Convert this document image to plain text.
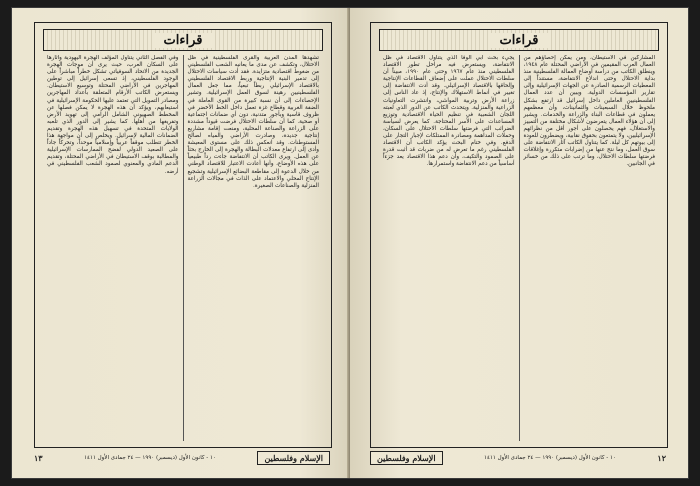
قراءات

تشهدها المدن العربية والقرى الفلسطينية في ظل الاحتلال، وتكشف عن مدى ما يعانيه الشعب الفلسطيني من ضغوط اقتصادية متزايدة. فقد أدت سياسات الاحتلال إلى تدمير البنية الإنتاجية وربط الاقتصاد الفلسطيني بالاقتصاد الإسرائيلي ربطاً تبعياً، مما جعل العمال الفلسطينيين رهينة لسوق العمل الإسرائيلية. وتشير الإحصاءات إلى أن نسبة كبيرة من القوى العاملة في الضفة الغربية وقطاع غزة تعمل داخل الخط الأخضر في ظروف قاسية وبأجور متدنية، دون أي ضمانات اجتماعية أو صحية. كما أن سلطات الاحتلال فرضت قيوداً مشددة على الزراعة والصناعة المحلية، ومنعت إقامة مشاريع إنتاجية جديدة، وصادرت الأراضي والمياه لصالح المستوطنات. وقد انعكس ذلك على مستوى المعيشة وأدى إلى ارتفاع معدلات البطالة والهجرة إلى الخارج بحثاً عن العمل. ويرى الكاتب أن الانتفاضة جاءت رداً طبيعياً على هذه الأوضاع، وأنها أعادت الاعتبار للاقتصاد الوطني من خلال الدعوة إلى مقاطعة البضائع الإسرائيلية وتشجيع الإنتاج المحلي والاعتماد على الذات في مجالات الزراعة المنزلية والصناعات الصغيرة.

وفي الفصل الثاني يتناول المؤلف الهجرة اليهودية وآثارها على السكان العرب، حيث يرى أن موجات الهجرة الجديدة من الاتحاد السوفياتي تشكل خطراً مباشراً على الوجود الفلسطيني، إذ تسعى إسرائيل إلى توطين المهاجرين في الأراضي المحتلة وتوسيع الاستيطان. ويستعرض الكاتب الأرقام المتعلقة بأعداد المهاجرين ومصادر التمويل التي تعتمد عليها الحكومة الإسرائيلية في استيعابهم، ويؤكد أن هذه الهجرة لا يمكن فصلها عن المخطط الصهيوني الشامل الرامي إلى تهويد الأرض وتفريغها من أهلها. كما يشير إلى الدور الذي تلعبه الولايات المتحدة في تسهيل هذه الهجرة وتقديم الضمانات المالية لإسرائيل. ويخلص إلى أن مواجهة هذا الخطر تتطلب موقفاً عربياً وإسلامياً موحداً، وتحركاً جاداً على الصعيد الدولي لفضح الممارسات الإسرائيلية والمطالبة بوقف الاستيطان في الأراضي المحتلة، وتقديم الدعم المادي والمعنوي لصمود الشعب الفلسطيني في أرضه.

١٣	١٠ - كانون الأول (ديسمبر) ١٩٩٠ — ٢٤ جمادى الأول ١٤١١	الإسلام وفلسطين
قراءات

المشاركين في الاستيطان، ومن يمكن إحصاؤهم من العمال العرب المقيمين في الأراضي المحتلة عام ١٩٤٨، وينطلق الكاتب من دراسة أوضاع العمالة الفلسطينية منذ بداية الاحتلال وحتى اندلاع الانتفاضة، مستنداً إلى المعطيات الرسمية الصادرة عن الجهات الإسرائيلية وإلى تقارير المؤسسات الدولية. ويبين أن عدد العمال الفلسطينيين العاملين داخل إسرائيل قد ارتفع بشكل ملحوظ خلال السبعينات والثمانينات، وأن معظمهم يعملون في قطاعات البناء والزراعة والخدمات. ويشير إلى أن هؤلاء العمال يتعرضون لأشكال مختلفة من التمييز والاستغلال، فهم يحصلون على أجور أقل من نظرائهم الإسرائيليين، ولا يتمتعون بحقوق نقابية، ويضطرون للعودة إلى بيوتهم كل ليلة. كما يتناول الكاتب آثار الانتفاضة على سوق العمل، وما نتج عنها من إضرابات متكررة وإغلاقات فرضتها سلطات الاحتلال، وما ترتب على ذلك من خسائر في الجانبين.

يجيء بحث أبي الوفا الذي يتناول الاقتصاد في ظل الانتفاضة، ويستعرض فيه مراحل تطور الاقتصاد الفلسطيني منذ عام ١٩٦٧ وحتى عام ١٩٩٠، مبيناً أن سلطات الاحتلال عملت على إضعاف القطاعات الإنتاجية وإلحاقها بالاقتصاد الإسرائيلي. وقد أدت الانتفاضة إلى تغيير في أنماط الاستهلاك والإنتاج، إذ عاد الناس إلى زراعة الأرض وتربية المواشي، وانتشرت التعاونيات الزراعية والمنزلية. ويتحدث الكاتب عن الدور الذي لعبته اللجان الشعبية في تنظيم الحياة الاقتصادية وتوزيع المساعدات على الأسر المحتاجة. كما يعرض لسياسة الضرائب التي فرضتها سلطات الاحتلال على السكان، وحملات المداهمة ومصادرة الممتلكات لإجبار التجار على الدفع. وفي ختام البحث يؤكد الكاتب أن الاقتصاد الفلسطيني رغم ما تعرض له من ضربات قد أثبت قدرة على الصمود والتكيف، وأن دعم هذا الاقتصاد يعد جزءاً أساسياً من دعم الانتفاضة واستمرارها.

الإسلام وفلسطين	١٠ - كانون الأول (ديسمبر) ١٩٩٠ — ٢٤ جمادى الأول ١٤١١	١٢
